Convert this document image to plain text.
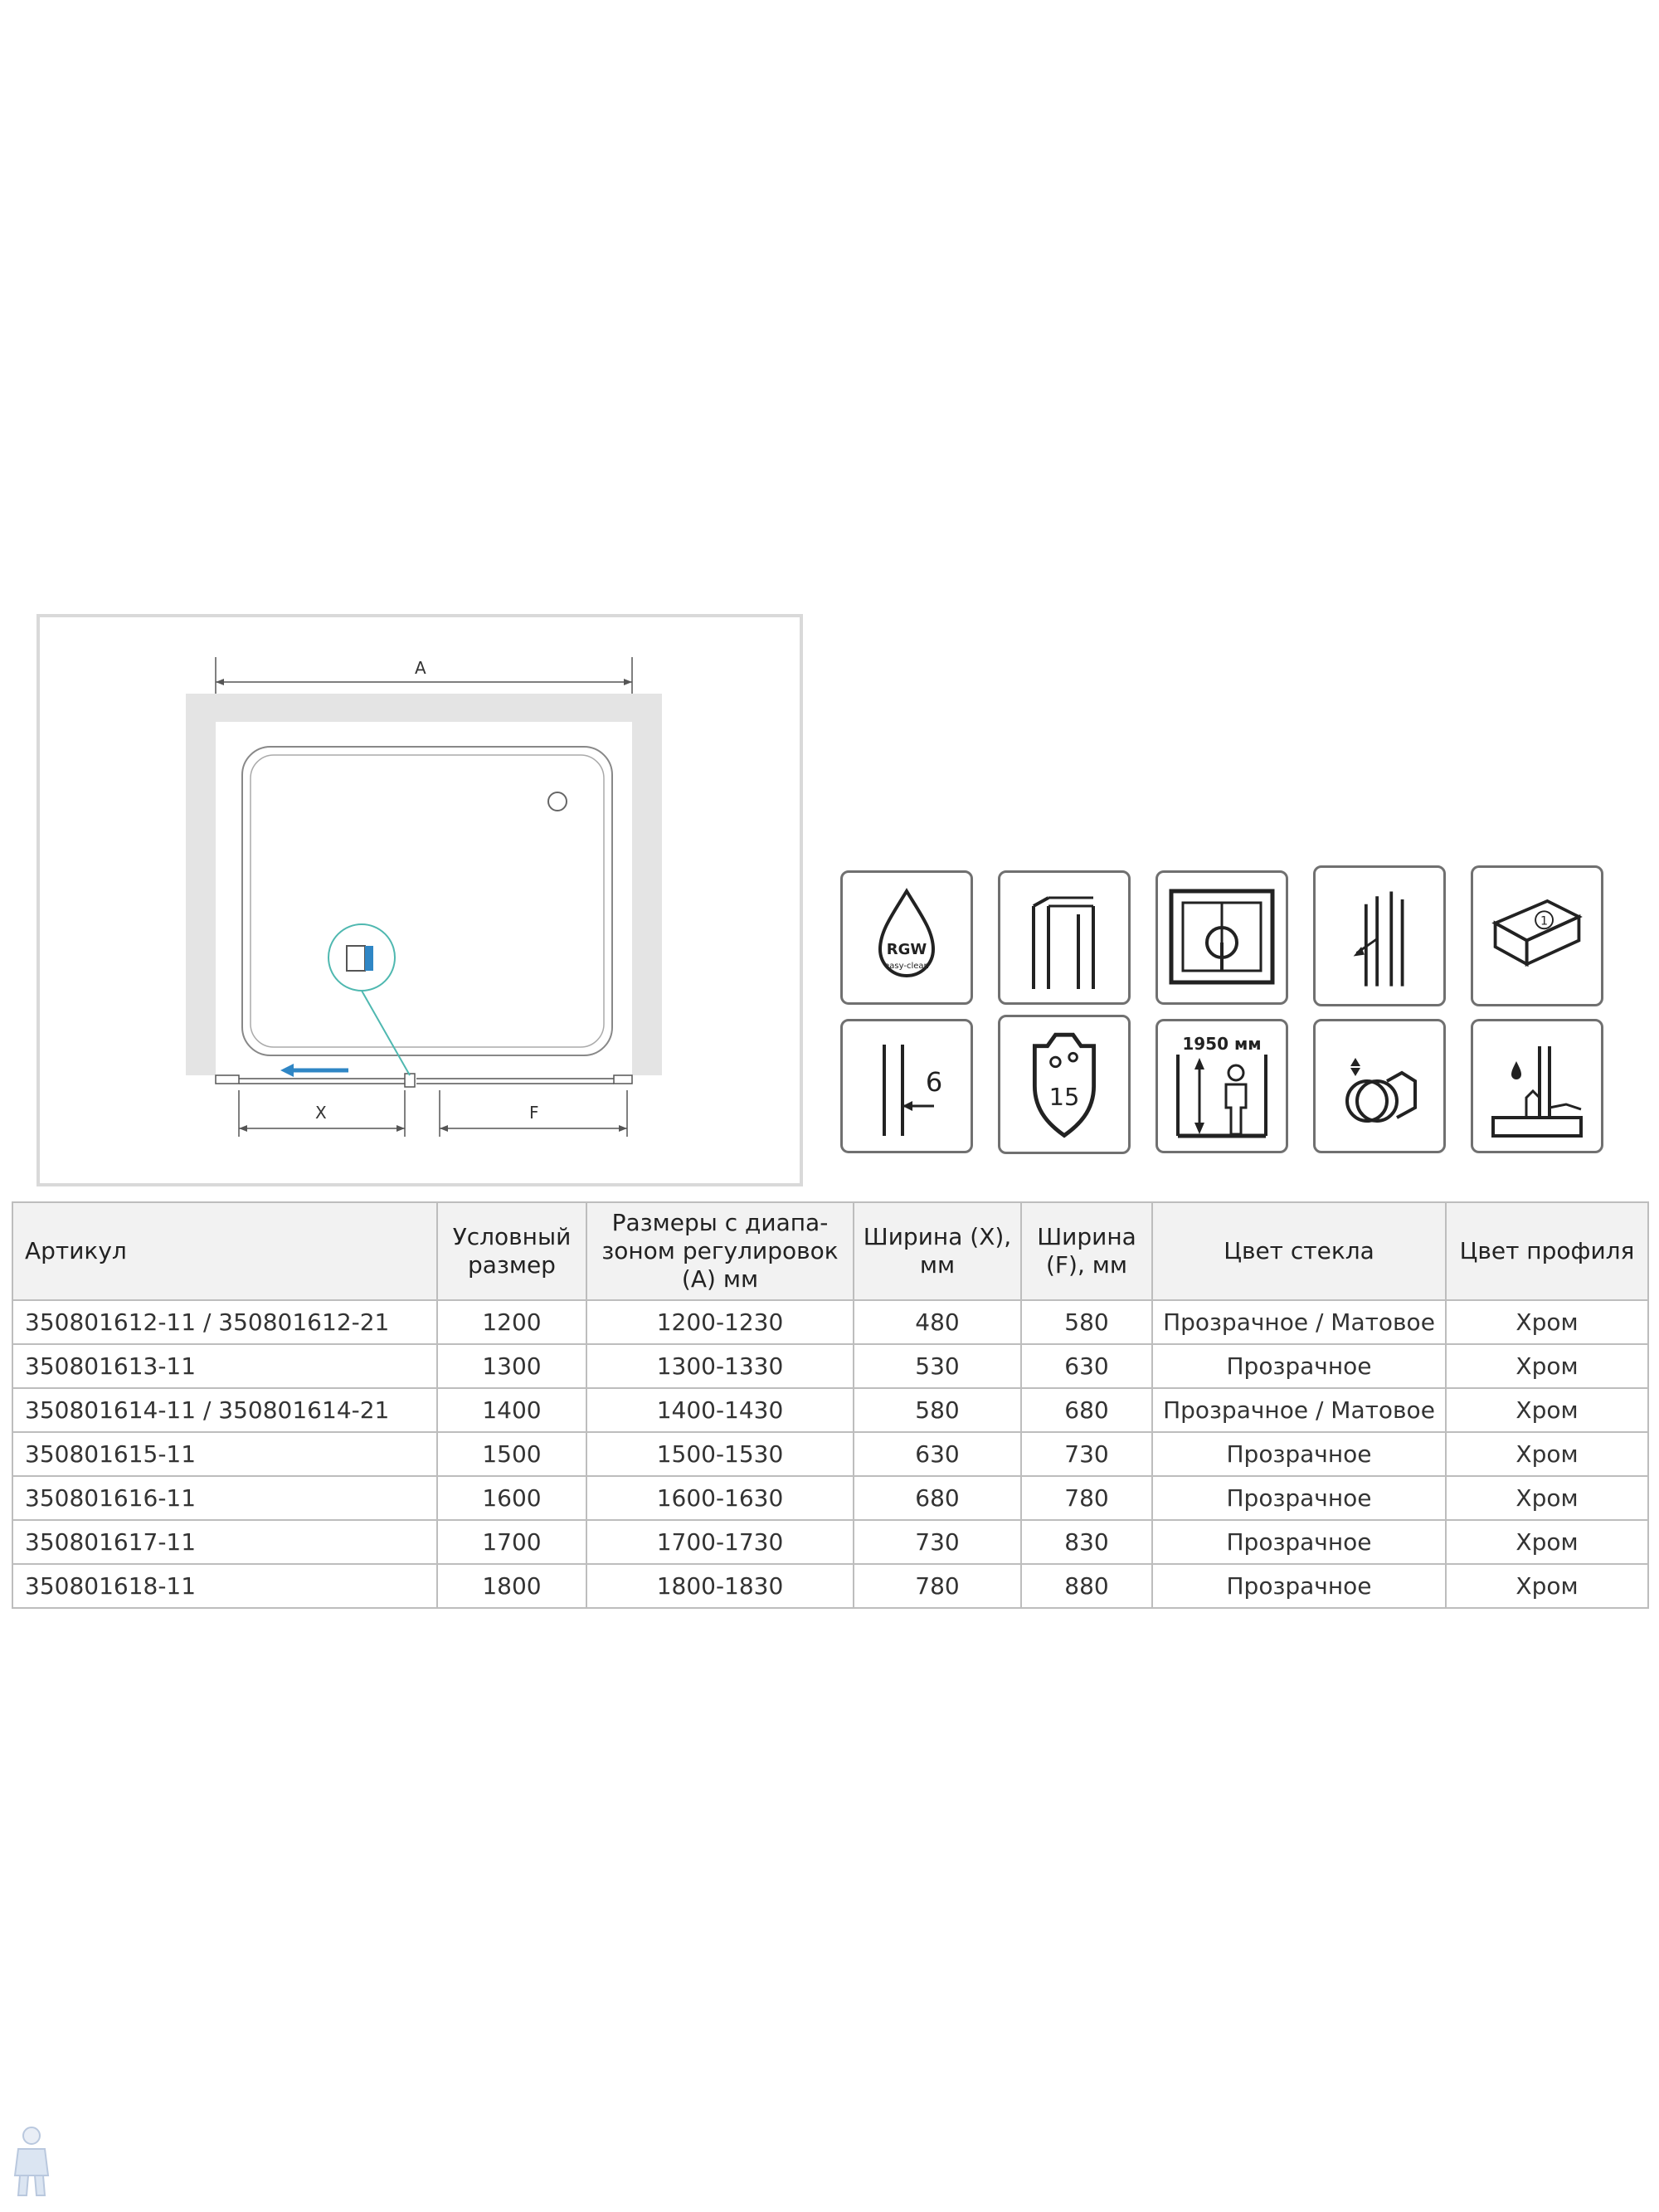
A
X	F
RGW
easy-clean
1
6	15
1950 мм
Артикул	Условный размер	Размеры с диапа- зоном регулировок (А) мм	Ширина (X), мм	Ширина (F), мм	Цвет стекла	Цвет профиля
350801612-11 / 350801612-21	1200	1200-1230	480	580	Прозрачное / Матовое	Хром
350801613-11	1300	1300-1330	530	630	Прозрачное	Хром
350801614-11 / 350801614-21	1400	1400-1430	580	680	Прозрачное / Матовое	Хром
350801615-11	1500	1500-1530	630	730	Прозрачное	Хром
350801616-11	1600	1600-1630	680	780	Прозрачное	Хром
350801617-11	1700	1700-1730	730	830	Прозрачное	Хром
350801618-11	1800	1800-1830	780	880	Прозрачное	Хром
